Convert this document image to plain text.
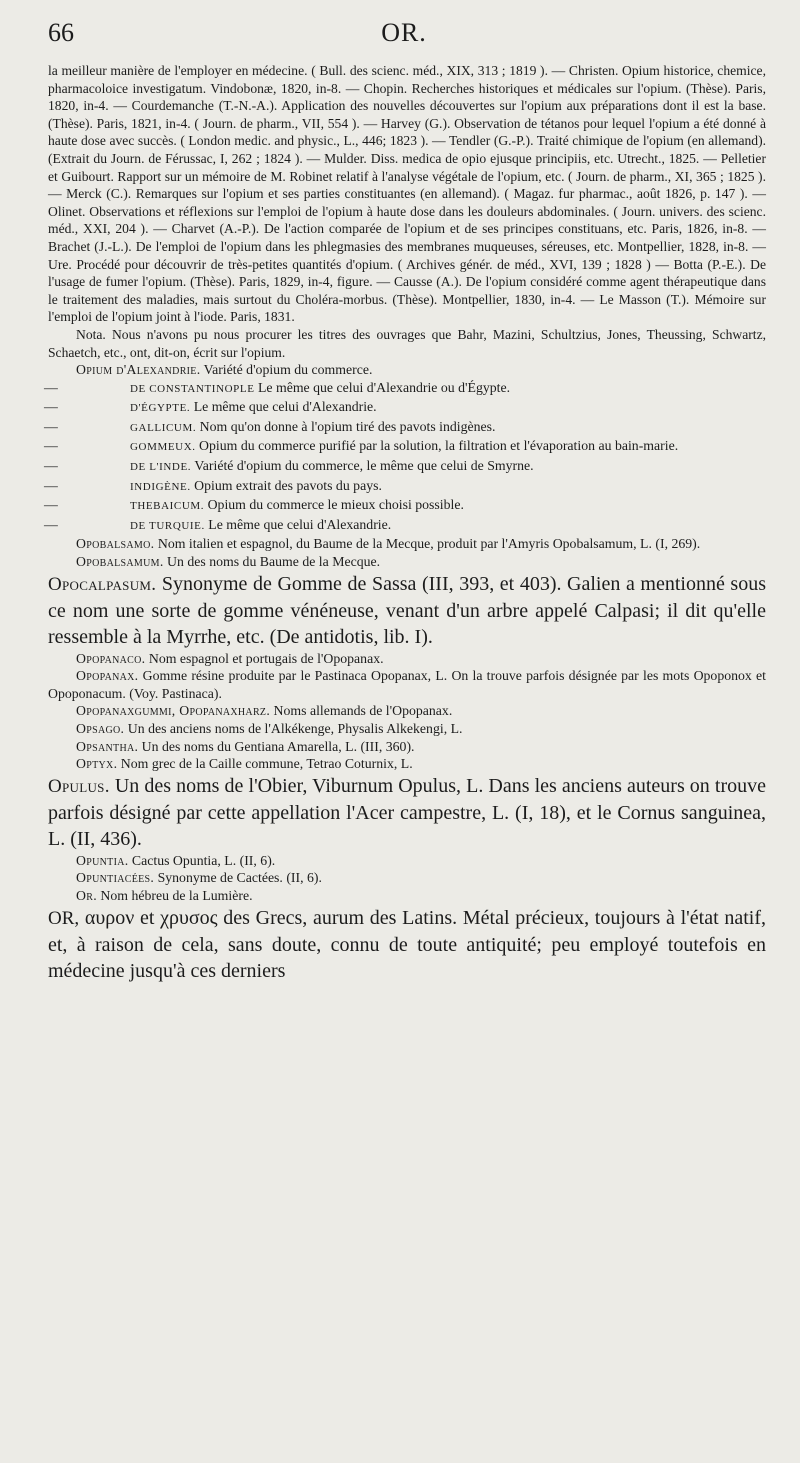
66	OR.

la meilleur manière de l'employer en médecine. ( Bull. des scienc. méd., XIX, 313 ; 1819 ). — Christen. Opium historice, chemice, pharmacoloice investigatum. Vindobonæ, 1820, in-8. — Chopin. Recherches historiques et médicales sur l'opium. (Thèse). Paris, 1820, in-4. — Courdemanche (T.-N.-A.). Application des nouvelles découvertes sur l'opium aux préparations dont il est la base. (Thèse). Paris, 1821, in-4. ( Journ. de pharm., VII, 554 ). — Harvey (G.). Observation de tétanos pour lequel l'opium a été donné à haute dose avec succès. ( London medic. and physic., L., 446; 1823 ). — Tendler (G.-P.). Traité chimique de l'opium (en allemand). (Extrait du Journ. de Férussac, I, 262 ; 1824 ). — Mulder. Diss. medica de opio ejusque principiis, etc. Utrecht., 1825. — Pelletier et Guibourt. Rapport sur un mémoire de M. Robinet relatif à l'analyse végétale de l'opium, etc. ( Journ. de pharm., XI, 365 ; 1825 ). — Merck (C.). Remarques sur l'opium et ses parties constituantes (en allemand). ( Magaz. fur pharmac., août 1826, p. 147 ). — Olinet. Observations et réflexions sur l'emploi de l'opium à haute dose dans les douleurs abdominales. ( Journ. univers. des scienc. méd., XXI, 204 ). — Charvet (A.-P.). De l'action comparée de l'opium et de ses principes constituans, etc. Paris, 1826, in-8. — Brachet (J.-L.). De l'emploi de l'opium dans les phlegmasies des membranes muqueuses, séreuses, etc. Montpellier, 1828, in-8. — Ure. Procédé pour découvrir de très-petites quantités d'opium. ( Archives génér. de méd., XVI, 139 ; 1828 ) — Botta (P.-E.). De l'usage de fumer l'opium. (Thèse). Paris, 1829, in-4, figure. — Causse (A.). De l'opium considéré comme agent thérapeutique dans le traitement des maladies, mais surtout du Choléra-morbus. (Thèse). Montpellier, 1830, in-4. — Le Masson (T.). Mémoire sur l'emploi de l'opium joint à l'iode. Paris, 1831.

Nota. Nous n'avons pu nous procurer les titres des ouvrages que Bahr, Mazini, Schultzius, Jones, Theussing, Schwartz, Schaetch, etc., ont, dit-on, écrit sur l'opium.

Opium d'Alexandrie. Variété d'opium du commerce.

—	DE CONSTANTINOPLE Le même que celui d'Alexandrie ou d'Égypte.

—	D'ÉGYPTE. Le même que celui d'Alexandrie.

—	GALLICUM. Nom qu'on donne à l'opium tiré des pavots indigènes.

—	GOMMEUX. Opium du commerce purifié par la solution, la filtration et l'évaporation au bain-marie.

—	DE L'INDE. Variété d'opium du commerce, le même que celui de Smyrne.

—	INDIGÈNE. Opium extrait des pavots du pays.

—	THEBAICUM. Opium du commerce le mieux choisi possible.

—	DE TURQUIE. Le même que celui d'Alexandrie.

Opobalsamo. Nom italien et espagnol, du Baume de la Mecque, produit par l'Amyris Opobalsamum, L. (I, 269).

Opobalsamum. Un des noms du Baume de la Mecque.

Opocalpasum. Synonyme de Gomme de Sassa (III, 393, et 403). Galien a mentionné sous ce nom une sorte de gomme vénéneuse, venant d'un arbre appelé Calpasi; il dit qu'elle ressemble à la Myrrhe, etc. (De antidotis, lib. I).

Opopanaco. Nom espagnol et portugais de l'Opopanax.

Opopanax. Gomme résine produite par le Pastinaca Opopanax, L. On la trouve parfois désignée par les mots Opoponox et Opoponacum. (Voy. Pastinaca).

Opopanaxgummi, Opopanaxharz. Noms allemands de l'Opopanax.

Opsago. Un des anciens noms de l'Alkékenge, Physalis Alkekengi, L.

Opsantha. Un des noms du Gentiana Amarella, L. (III, 360).

Optyx. Nom grec de la Caille commune, Tetrao Coturnix, L.

Opulus. Un des noms de l'Obier, Viburnum Opulus, L. Dans les anciens auteurs on trouve parfois désigné par cette appellation l'Acer campestre, L. (I, 18), et le Cornus sanguinea, L. (II, 436).

Opuntia. Cactus Opuntia, L. (II, 6).

Opuntiacées. Synonyme de Cactées. (II, 6).

Or. Nom hébreu de la Lumière.

OR, αυρον et χρυσος des Grecs, aurum des Latins. Métal précieux, toujours à l'état natif, et, à raison de cela, sans doute, connu de toute antiquité; peu employé toutefois en médecine jusqu'à ces derniers
